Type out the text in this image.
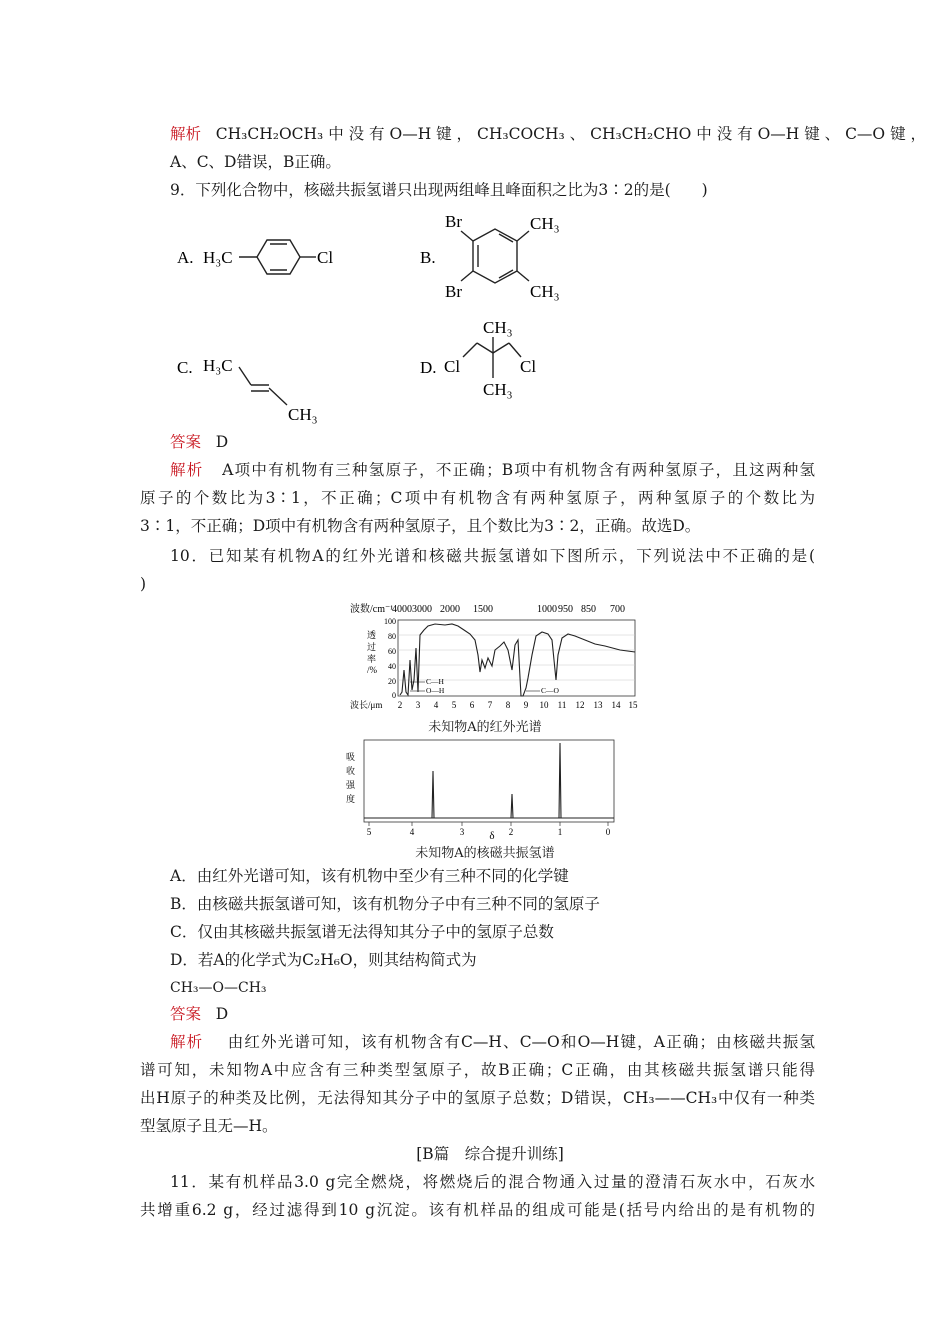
解析 CH₃CH₂OCH₃ 中 没 有 O—H 键 ， CH₃COCH₃ 、 CH₃CH₂CHO 中 没 有 O—H 键 、 C—O 键 ，
A、C、D错误，B正确。
9．下列化合物中，核磁共振氢谱只出现两组峰且峰面积之比为3∶2的是(　　)
A. H₃C	Cl	B.
Br
Br
CH₃
CH₃
C. H₃C
CH₃
D.
CH₃
CH₃
Cl	Cl
答案 D
解析 A项中有机物有三种氢原子，不正确；B项中有机物含有两种氢原子，且这两种氢
原子的个数比为3∶1，不正确；C项中有机物含有两种氢原子，两种氢原子的个数比为
3∶1，不正确；D项中有机物含有两种氢原子，且个数比为3∶2，正确。故选D。
10．已知某有机物A的红外光谱和核磁共振氢谱如下图所示，下列说法中不正确的是(
)
波数/cm⁻¹
4000 3000 2000 1500	1000 950 850 700
透
过
率
/%
100
80
60
40
20
0
C—H
O—H	C—O
波长/μm 2 3 4 5 6 7 8 9 10 11 12 13 14 15
未知物A的红外光谱
吸
收
强
度
5	4	3	2	1	0
δ
未知物A的核磁共振氢谱
A．由红外光谱可知，该有机物中至少有三种不同的化学键
B．由核磁共振氢谱可知，该有机物分子中有三种不同的氢原子
C．仅由其核磁共振氢谱无法得知其分子中的氢原子总数
D．若A的化学式为C₂H₆O，则其结构简式为
CH₃—O—CH₃
答案 D
解析 由红外光谱可知，该有机物含有C—H、C—O和O—H键，A正确；由核磁共振氢
谱可知，未知物A中应含有三种类型氢原子，故B正确；C正确，由其核磁共振氢谱只能得
出H原子的种类及比例，无法得知其分子中的氢原子总数；D错误，CH₃——CH₃中仅有一种类
型氢原子且无—H。
[B篇　综合提升训练]
11．某有机样品3.0 g完全燃烧，将燃烧后的混合物通入过量的澄清石灰水中，石灰水
共增重6.2 g，经过滤得到10 g沉淀。该有机样品的组成可能是(括号内给出的是有机物的
